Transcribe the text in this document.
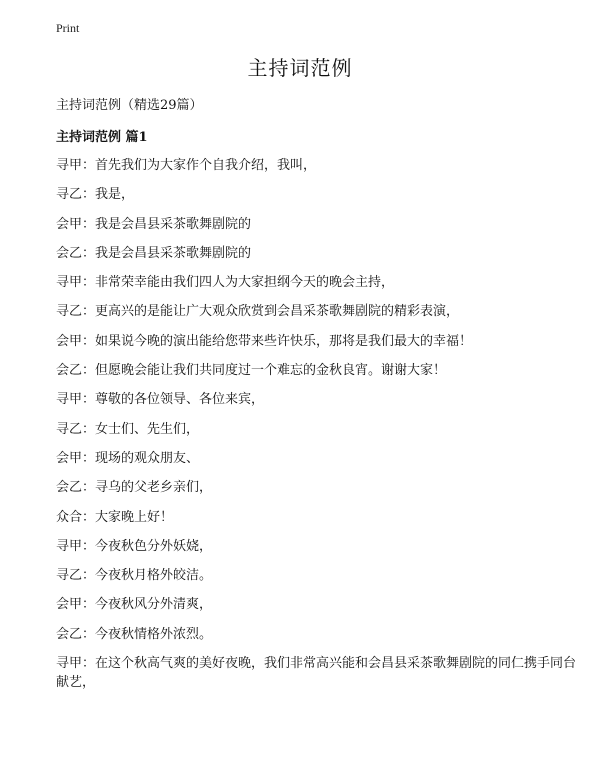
Print
主持词范例

主持词范例（精选29篇）

主持词范例 篇1

寻甲：首先我们为大家作个自我介绍，我叫，
寻乙：我是，
会甲：我是会昌县采茶歌舞剧院的
会乙：我是会昌县采茶歌舞剧院的
寻甲：非常荣幸能由我们四人为大家担纲今天的晚会主持，
寻乙：更高兴的是能让广大观众欣赏到会昌采茶歌舞剧院的精彩表演，
会甲：如果说今晚的演出能给您带来些许快乐，那将是我们最大的幸福！
会乙：但愿晚会能让我们共同度过一个难忘的金秋良宵。谢谢大家！
寻甲：尊敬的各位领导、各位来宾，
寻乙：女士们、先生们，
会甲：现场的观众朋友、
会乙：寻乌的父老乡亲们，
众合：大家晚上好！
寻甲：今夜秋色分外妖娆，
寻乙：今夜秋月格外皎洁。
会甲：今夜秋风分外清爽，
会乙：今夜秋情格外浓烈。
寻甲：在这个秋高气爽的美好夜晚，我们非常高兴能和会昌县采茶歌舞剧院的同仁携手同台献艺，
